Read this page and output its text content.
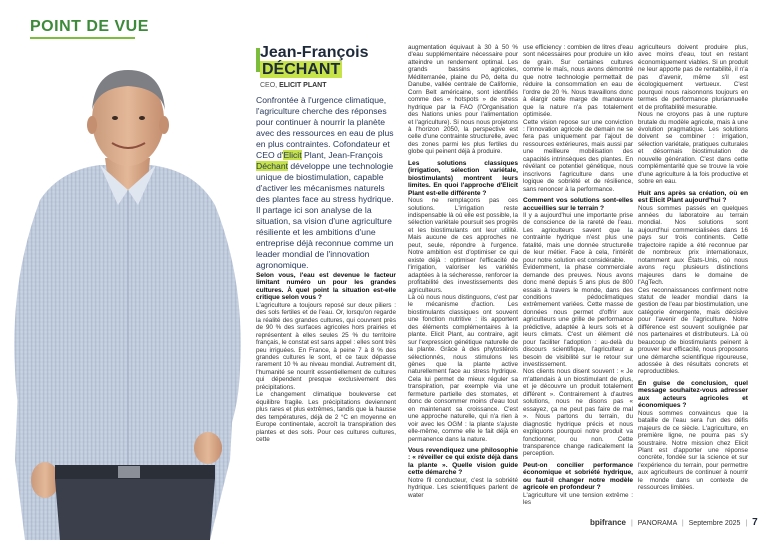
POINT DE VUE
Jean-François
DÉCHANT
CEO, ELICIT PLANT
Confrontée à l'urgence climatique, l'agriculture cherche des réponses pour continuer à nourrir la planète avec des ressources en eau de plus en plus contraintes. Cofondateur et CEO d'Elicit Plant, Jean-François Déchant développe une technologie unique de biostimulation, capable d'activer les mécanismes naturels des plantes face au stress hydrique. Il partage ici son analyse de la situation, sa vision d'une agriculture résiliente et les ambitions d'une entreprise déjà reconnue comme un leader mondial de l'innovation agronomique.

Selon vous, l'eau est devenue le facteur limitant numéro un pour les grandes cultures. À quel point la situation est-elle critique selon vous ?

L'agriculture a toujours reposé sur deux piliers : des sols fertiles et de l'eau. Or, lorsqu'on regarde la réalité des grandes cultures, qui couvrent près de 90 % des surfaces agricoles hors prairies et représentent à elles seules 25 % du territoire français, le constat est sans appel : elles sont très peu irriguées. En France, à peine 7 à 8 % des grandes cultures le sont, et ce taux dépasse rarement 10 % au niveau mondial. Autrement dit, l'humanité se nourrit essentiellement de cultures qui dépendent presque exclusivement des précipitations.

Le changement climatique bouleverse cet équilibre fragile. Les précipitations deviennent plus rares et plus extrêmes, tandis que la hausse des températures, déjà de 2 °C en moyenne en Europe continentale, accroît la transpiration des plantes et des sols. Pour ces cultures cultures, cette

augmentation équivaut à 30 à 50 % d'eau supplémentaire nécessaire pour atteindre un rendement optimal. Les grands bassins agricoles, Méditerranée, plaine du Pô, delta du Danube, vallée centrale de Californie, Corn Belt américaine, sont identifiés comme des « hotspots » de stress hydrique par la FAO (l'Organisation des Nations unies pour l'alimentation et l'agriculture). Si nous nous projetons à l'horizon 2050, la perspective est celle d'une contrainte structurelle, avec des zones parmi les plus fertiles du globe qui peinent déjà à produire.

Les solutions classiques (irrigation, sélection variétale, biostimulants) montrent leurs limites. En quoi l'approche d'Elicit Plant est-elle différente ?

Nous ne remplaçons pas ces solutions. L'irrigation reste indispensable là où elle est possible, la sélection variétale poursuit ses progrès et les biostimulants ont leur utilité. Mais aucune de ces approches ne peut, seule, répondre à l'urgence. Notre ambition est d'optimiser ce qui existe déjà : optimiser l'efficacité de l'irrigation, valoriser les variétés adaptées à la sécheresse, renforcer la profitabilité des investissements des agriculteurs.

Là où nous nous distinguons, c'est par le mécanisme d'action. Les biostimulants classiques ont souvent une fonction nutritive : ils apportent des éléments complémentaires à la plante. Elicit Plant, au contraire, agit sur l'expression génétique naturelle de la plante. Grâce à des phytostérols sélectionnés, nous stimulons les gènes que la plante active naturellement face au stress hydrique. Cela lui permet de mieux réguler sa transpiration, par exemple via une fermeture partielle des stomates, et donc de consommer moins d'eau tout en maintenant sa croissance. C'est une approche naturelle, qui n'a rien à voir avec les OGM : la plante s'ajuste elle-même, comme elle le fait déjà en permanence dans la nature.

Vous revendiquez une philosophie : « réveiller ce qui existe déjà dans la plante ». Quelle vision guide cette démarche ?

Notre fil conducteur, c'est la sobriété hydrique. Les scientifiques parlent de water

use efficiency : combien de litres d'eau sont nécessaires pour produire un kilo de grain. Sur certaines cultures comme le maïs, nous avons démontré que notre technologie permettait de réduire la consommation en eau de l'ordre de 20 %. Nous travaillons donc à élargir cette marge de manœuvre que la nature n'a pas totalement optimisée.

Cette vision repose sur une conviction : l'innovation agricole de demain ne se fera pas uniquement par l'ajout de ressources extérieures, mais aussi par une meilleure mobilisation des capacités intrinsèques des plantes. En révélant ce potentiel génétique, nous inscrivons l'agriculture dans une logique de sobriété et de résilience, sans renoncer à la performance.

Comment vos solutions sont-elles accueillies sur le terrain ?

Il y a aujourd'hui une importante prise de conscience de la rareté de l'eau. Les agriculteurs savent que la contrainte hydrique n'est plus une fatalité, mais une donnée structurelle de leur métier. Face à cela, l'intérêt pour notre solution est considérable.

Évidemment, la phase commerciale demande des preuves. Nous avons donc mené depuis 5 ans plus de 800 essais à travers le monde, dans des conditions pédoclimatiques extrêmement variées. Cette masse de données nous permet d'offrir aux agriculteurs une grille de performance prédictive, adaptée à leurs sols et à leurs climats. C'est un élément clé pour faciliter l'adoption : au-delà du discours scientifique, l'agriculteur a besoin de visibilité sur le retour sur investissement.

Nos clients nous disent souvent : « Je m'attendais à un biostimulant de plus, et je découvre un produit totalement différent ». Contrairement à d'autres solutions, nous ne disons pas « essayez, ça ne peut pas faire de mal ». Nous partons du terrain, du diagnostic hydrique précis et nous expliquons pourquoi notre produit va fonctionner, ou non. Cette transparence change radicalement la perception.

Peut-on concilier performance économique et sobriété hydrique, ou faut-il changer notre modèle agricole en profondeur ?

L'agriculture vit une tension extrême : les

agriculteurs doivent produire plus, avec moins d'eau, tout en restant économiquement viables. Si un produit ne leur apporte pas de rentabilité, il n'a pas d'avenir, même s'il est écologiquement vertueux. C'est pourquoi nous raisonnons toujours en termes de performance pluriannuelle et de profitabilité mesurable.

Nous ne croyons pas à une rupture brutale du modèle agricole, mais à une évolution pragmatique. Les solutions doivent se combiner : irrigation, sélection variétale, pratiques culturales et désormais biostimulation de nouvelle génération. C'est dans cette complémentarité que se trouve la voie d'une agriculture à la fois productive et sobre en eau.

Huit ans après sa création, où en est Elicit Plant aujourd'hui ?

Nous sommes passés en quelques années du laboratoire au terrain mondial. Nos solutions sont aujourd'hui commercialisées dans 16 pays sur trois continents. Cette trajectoire rapide a été reconnue par de nombreux prix internationaux, notamment aux États-Unis, où nous avons reçu plusieurs distinctions majeures dans le domaine de l'AgTech.

Ces reconnaissances confirment notre statut de leader mondial dans la gestion de l'eau par biostimulation, une catégorie émergente, mais décisive pour l'avenir de l'agriculture. Notre différence est souvent soulignée par nos partenaires et distributeurs. Là où beaucoup de biostimulants peinent à prouver leur efficacité, nous proposons une démarche scientifique rigoureuse, adossée à des résultats concrets et reproductibles.

En guise de conclusion, quel message souhaitez-vous adresser aux acteurs agricoles et économiques ?

Nous sommes convaincus que la bataille de l'eau sera l'un des défis majeurs de ce siècle. L'agriculture, en première ligne, ne pourra pas s'y soustraire. Notre mission chez Elicit Plant est d'apporter une réponse concrète, fondée sur la science et sur l'expérience du terrain, pour permettre aux agriculteurs de continuer à nourrir le monde dans un contexte de ressources limitées.

bpifrance | PANORAMA | Septembre 2025 | 7
